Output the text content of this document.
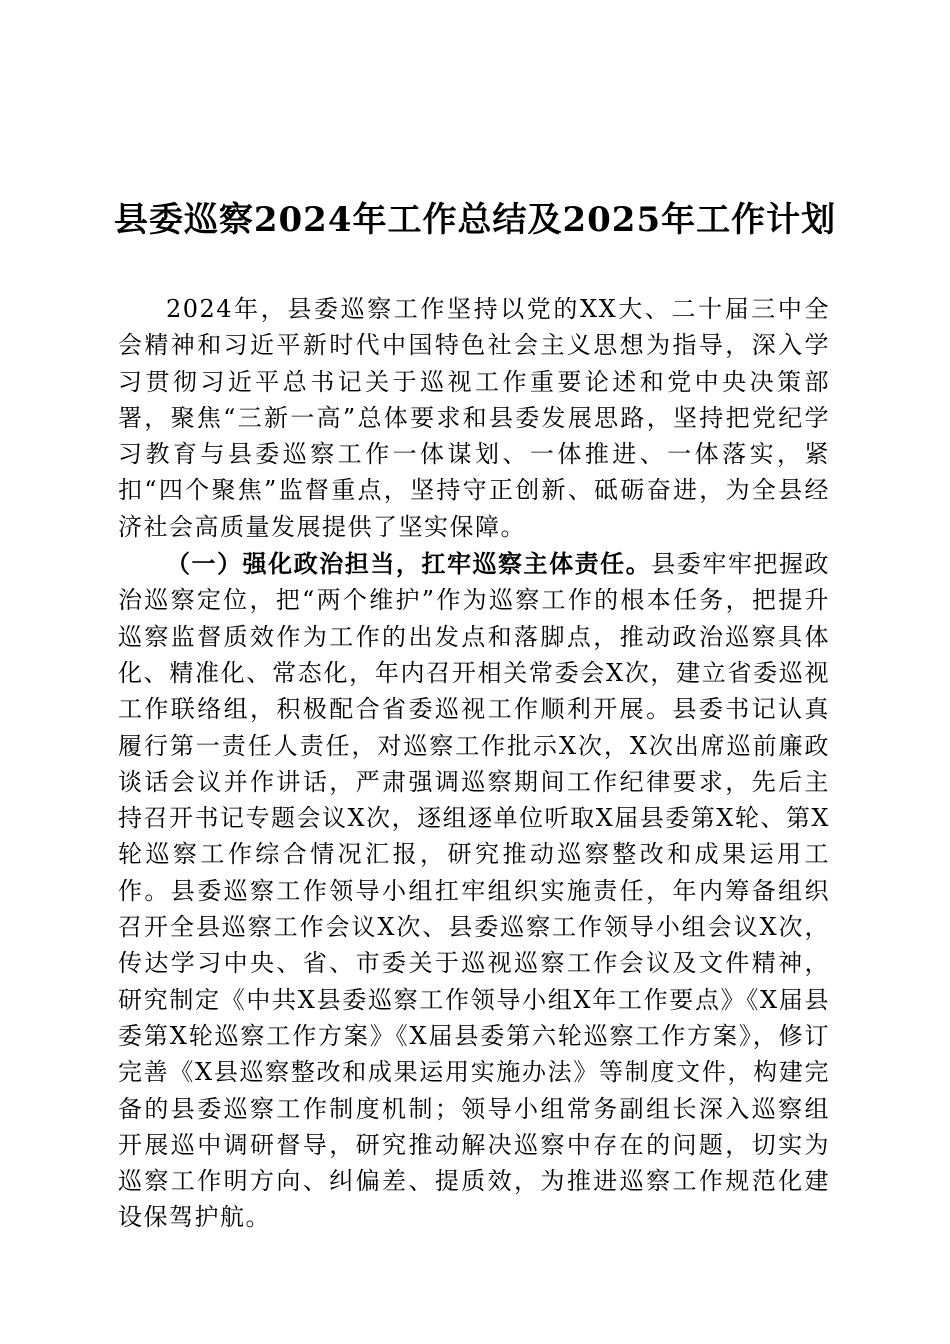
县委巡察2024年工作总结及2025年工作计划

2024年，县委巡察工作坚持以党的XX大、二十届三中全会精神和习近平新时代中国特色社会主义思想为指导，深入学习贯彻习近平总书记关于巡视工作重要论述和党中央决策部署，聚焦“三新一高”总体要求和县委发展思路，坚持把党纪学习教育与县委巡察工作一体谋划、一体推进、一体落实，紧扣“四个聚焦”监督重点，坚持守正创新、砥砺奋进，为全县经济社会高质量发展提供了坚实保障。

（一）强化政治担当，扛牢巡察主体责任。县委牢牢把握政治巡察定位，把“两个维护”作为巡察工作的根本任务，把提升巡察监督质效作为工作的出发点和落脚点，推动政治巡察具体化、精准化、常态化，年内召开相关常委会X次，建立省委巡视工作联络组，积极配合省委巡视工作顺利开展。县委书记认真履行第一责任人责任，对巡察工作批示X次，X次出席巡前廉政谈话会议并作讲话，严肃强调巡察期间工作纪律要求，先后主持召开书记专题会议X次，逐组逐单位听取X届县委第X轮、第X轮巡察工作综合情况汇报，研究推动巡察整改和成果运用工作。县委巡察工作领导小组扛牢组织实施责任，年内筹备组织召开全县巡察工作会议X次、县委巡察工作领导小组会议X次，传达学习中央、省、市委关于巡视巡察工作会议及文件精神，研究制定《中共X县委巡察工作领导小组X年工作要点》《X届县委第X轮巡察工作方案》《X届县委第六轮巡察工作方案》，修订完善《X县巡察整改和成果运用实施办法》等制度文件，构建完备的县委巡察工作制度机制；领导小组常务副组长深入巡察组开展巡中调研督导，研究推动解决巡察中存在的问题，切实为巡察工作明方向、纠偏差、提质效，为推进巡察工作规范化建设保驾护航。
